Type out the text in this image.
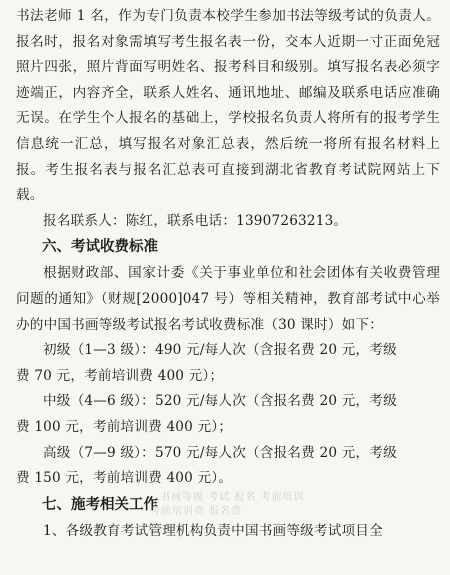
书法老师 1 名，作为专门负责本校学生参加书法等级考试的负责人。报名时，报名对象需填写考生报名表一份，交本人近期一寸正面免冠照片四张，照片背面写明姓名、报考科目和级别。填写报名表必须字迹端正，内容齐全，联系人姓名、通讯地址、邮编及联系电话应准确无误。在学生个人报名的基础上，学校报名负责人将所有的报考学生信息统一汇总，填写报名对象汇总表，然后统一将所有报名材料上报。考生报名表与报名汇总表可直接到湖北省教育考试院网站上下载。

报名联系人：陈红，联系电话：13907263213。

六、考试收费标准

根据财政部、国家计委《关于事业单位和社会团体有关收费管理问题的通知》（财规[2000]047 号）等相关精神，教育部考试中心举办的中国书画等级考试报名考试收费标准（30 课时）如下：

初级（1—3 级）：490 元/每人次（含报名费 20 元，考级

费 70 元，考前培训费 400 元）；

中级（4—6 级）：520 元/每人次（含报名费 20 元，考级

费 100 元，考前培训费 400 元）；

高级（7—9 级）：570 元/每人次（含报名费 20 元，考级

费 150 元，考前培训费 400 元）。

七、施考相关工作

1、各级教育考试管理机构负责中国书画等级考试项目全

书画等级 考试 报名 考前培训
考前培训费 报名费
